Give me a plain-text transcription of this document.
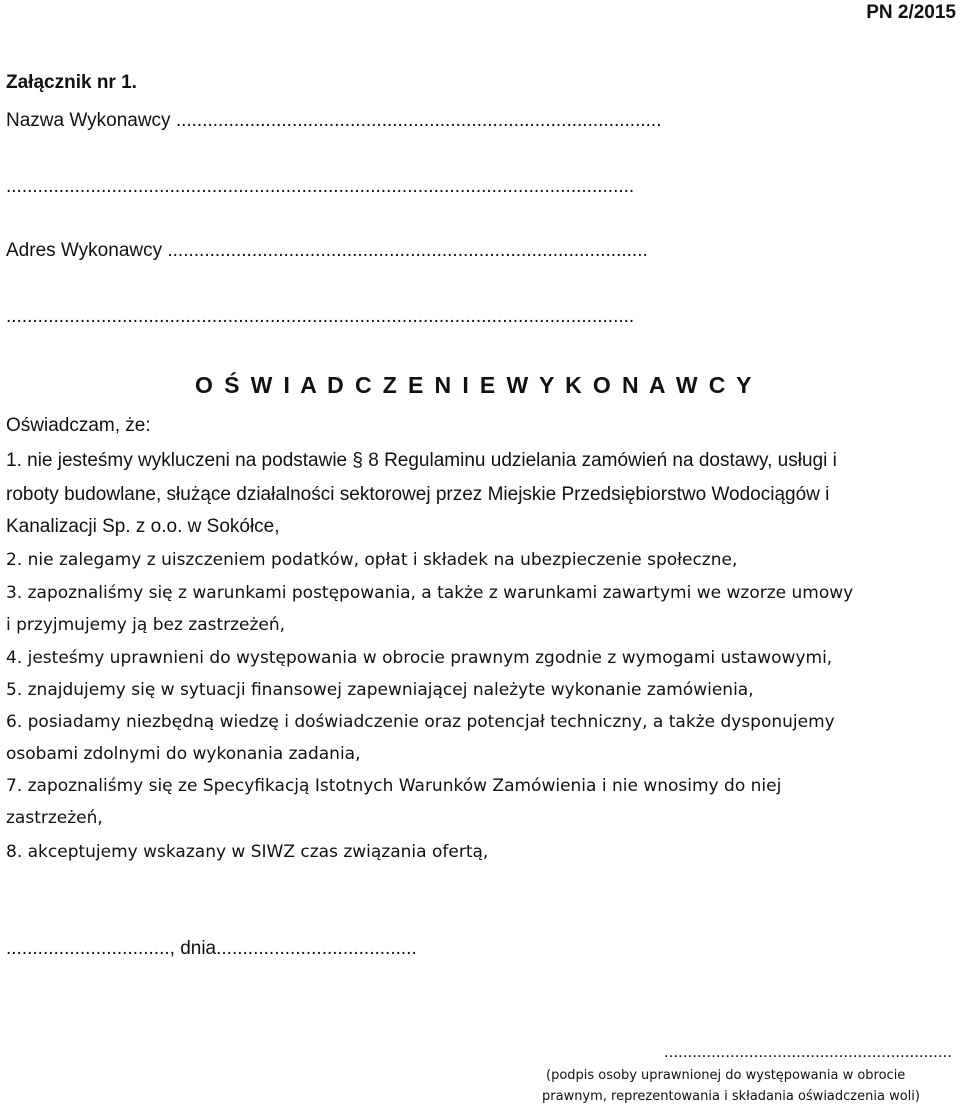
PN 2/2015

Załącznik nr 1.

Nazwa Wykonawcy ............................................................................................

.......................................................................................................................

Adres Wykonawcy ...........................................................................................

.......................................................................................................................

O Ś W I A D C Z E N I E W Y K O N A W C Y

Oświadczam, że:

1. nie jesteśmy wykluczeni na podstawie § 8 Regulaminu udzielania zamówień na dostawy, usługi i

roboty budowlane, służące działalności sektorowej przez Miejskie Przedsiębiorstwo Wodociągów i

Kanalizacji Sp. z o.o. w Sokółce,

2. nie zalegamy z uiszczeniem podatków, opłat i składek na ubezpieczenie społeczne,

3. zapoznaliśmy się z warunkami postępowania, a także z warunkami zawartymi we wzorze umowy

i przyjmujemy ją bez zastrzeżeń,

4. jesteśmy uprawnieni do występowania w obrocie prawnym zgodnie z wymogami ustawowymi,

5. znajdujemy się w sytuacji finansowej zapewniającej należyte wykonanie zamówienia,

6. posiadamy niezbędną wiedzę i doświadczenie oraz potencjał techniczny, a także dysponujemy

osobami zdolnymi do wykonania zadania,

7. zapoznaliśmy się ze Specyfikacją Istotnych Warunków Zamówienia i nie wnosimy do niej

zastrzeżeń,

8. akceptujemy wskazany w SIWZ czas związania ofertą,

..............................., dnia......................................

.............................................................

(podpis osoby uprawnionej do występowania w obrocie

prawnym, reprezentowania i składania oświadczenia woli)
